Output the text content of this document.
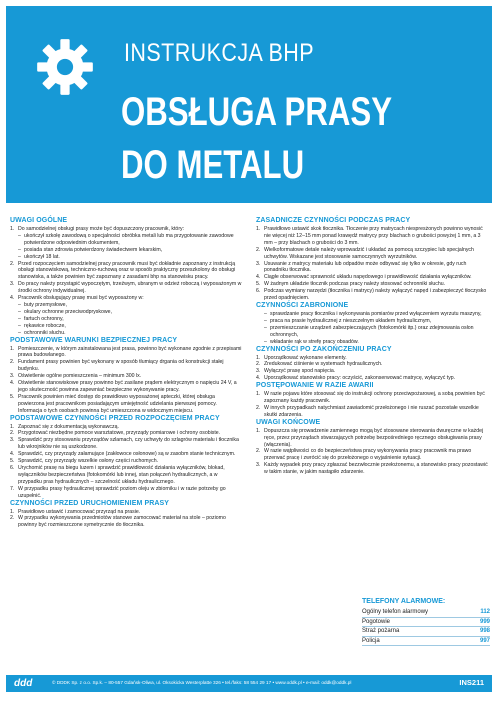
INSTRUKCJA BHP
OBSŁUGA PRASY
DO METALU
UWAGI OGÓLNE
1. Do samodzielnej obsługi prasy może być dopuszczony pracownik, który:
– ukończył szkołę zawodową o specjalności obróbka metali lub ma przygotowanie zawodowe potwierdzone odpowiednim dokumentem,
– posiada stan zdrowia potwierdzony świadectwem lekarskim,
– ukończył 18 lat.
2. Przed rozpoczęciem samodzielnej pracy pracownik musi być dokładnie zapoznany z instrukcją obsługi stanowiskową, techniczno-ruchową oraz w sposób praktyczny przeszkolony do obsługi stanowiska, a także powinien być zapoznany z zasadami bhp na stanowisku pracy.
3. Do pracy należy przystąpić wypoczętym, trzeźwym, ubranym w odzież roboczą i wyposażonym w środki ochrony indywidualnej.
4. Pracownik obsługujący prasę musi być wyposażony w:
– buty przemysłowe,
– okulary ochronne przeciwodpryskowe,
– fartuch ochronny,
– rękawice robocze,
– ochronniki słuchu.
PODSTAWOWE WARUNKI BEZPIECZNEJ PRACY
1. Pomieszczenie, w którym zainstalowana jest prasa, powinno być wykonane zgodnie z przepisami prawa budowlanego.
2. Fundament prasy powinien być wykonany w sposób tłumiący drgania od konstrukcji stałej budynku.
3. Oświetlenie ogólne pomieszczenia – minimum 300 lx.
4. Oświetlenie stanowiskowe prasy powinno być zasilane prądem elektrycznym o napięciu 24 V, a jego skuteczność powinna zapewniać bezpieczne wykonywanie pracy.
5. Pracownik powinien mieć dostęp do prawidłowo wyposażonej apteczki, której obsługa powierzona jest pracownikom posiadającym umiejętność udzielania pierwszej pomocy. Informacja o tych osobach powinna być umieszczona w widocznym miejscu.
PODSTAWOWE CZYNNOŚCI PRZED ROZPOCZĘCIEM PRACY
1. Zapoznać się z dokumentacją wykonawczą.
2. Przygotować niezbędne pomoce warsztatowe, przyrządy pomiarowe i ochrony osobiste.
3. Sprawdzić przy stosowaniu przyrządów szlamach, czy uchwyty do szlagrów materiału i tłocznika lub wkrojników nie są uszkodzone.
4. Sprawdzić, czy przyrządy załamujące (zakłowoce osłonowe) są w zasobm stanie technicznym.
5. Sprawdzić, czy przyrządy wszelkie osłony części ruchomych.
6. Urychomić prasę na biegu luzem i sprawdzić prawidłowość działania wyłączników, blokad, wyłączników bezpieczeństwa (fotokomórki lub innej, stan połączeń hydraulicznych, a w przypadku pras hydraulicznych – szczelność układu hydraulicznego.
7. W przypadku prasy hydraulicznej sprawdzić poziom oleju w zbiorniku i w razie potrzeby go uzupełnić.
CZYNNOŚCI PRZED URUCHOMIENIEM PRASY
1. Prawidłowo ustawić i zamocować przyrząd na prasie.
2. W przypadku wykonywania przedmiotów stanowe zamocować materiał na stole – poziomo powinny być rozmieszczone symetrycznie do tłocznika.
ZASADNICZE CZYNNOŚCI PODCZAS PRACY
1. Prawidłowo ustawić skok tłocznika. Tłoczenie przy matrycach niespresżonych powinno wynosić nie więcej niż 12–15 mm ponad krawędź matrycy przy blachach o grubości powyżej 1 mm, a 3 mm – przy blachach o grubości do 3 mm.
2. Wielkoformatowe detale należy wprowadzić i układać za pomocą szczypiec lub specjalnych uchwytów. Wskazane jest stosowanie samoczynnych wyrzutników.
3. Usuwanie z matrycy materiału lub odpadów może odbywać się tylko w okresie, gdy ruch ponadniku tłocznika.
4. Ciągłe obserwować sprawność układu napędowego i prawidłowość działania wyłączników.
5. W żadnym układzie tłocznik podczas pracy należy stosować ochronniki słuchu.
6. Podczas wymiany narzędzi (tłocznika i matrycy) należy wyłączyć napęd i zabezpieczyć tłoczysko przed opadnięciem.
CZYNNOŚCI ZABRONIONE
– sprawdzanie pracy tłocznika i wykonywania pomiarów przed wyłączeniem wyrzutu maszyny,
– praca na prasie hydraulicznej z nieszczelnym układem hydraulicznym,
– przemieszczanie urządzeń zabezpieczających (fotokomórki itp.) oraz zdejmowania osłon ochronnych,
– wkładanie rąk w strefę pracy obsadów.
CZYNNOŚCI PO ZAKOŃCZENIU PRACY
1. Uporządkować wykonane elementy.
2. Zredukować ciśnienie w systemach hydraulicznych.
3. Wyłączyć prasę spod napięcia.
4. Uporządkować stanowisko pracy: oczyścić, zakonserwować matrycę, wyłączyć typ.
POSTĘPOWANIE W RAZIE AWARII
1. W razie pojawu które stosować się do instrukcji ochrony przeciwpożarowej, a sobą powinien być zapoznany każdy pracownik.
2. W innych przypadkach natychmiast zawiadomić przełożonego i nie ruszać pozostałe wszelkie skutki zdarzenia.
UWAGI KOŃCOWE
1. Dopuszcza się prowadzenie zamiennego mogą być stosowane sterowania dwuręczne w każdej ręce, przez przyrządach stwarzających potrzebę bezpośredniego ręcznego obsługiwania prasy (włączenia).
2. W razie wątpliwości co do bezpieczeństwa pracy wykonywania pracy pracownik ma prawo przerwać pracę i zwrócić się do przełożonego o wyjaśnienie sytuacji.
3. Każdy wypadek przy pracy zgłaszać bezzwłocznie przełożonemu, a stanowisko pracy pozostawić w takim stanie, w jakim nastąpiło zdarzenie.
TELEFONY ALARMOWE:
Ogólny telefon alarmowy	112
Pogotowie	999
Straż pożarna	998
Policja	997
ddd	© DDDK Sp. z o.o. Sp.k. – 80-557 Gdańsk-Oliwa, ul. Oksokicka Westerplatte 326 • tel./faks: 58 554 29 17 • www.oddk.pl • e-mail: oddk@oddk.pl	INS211
